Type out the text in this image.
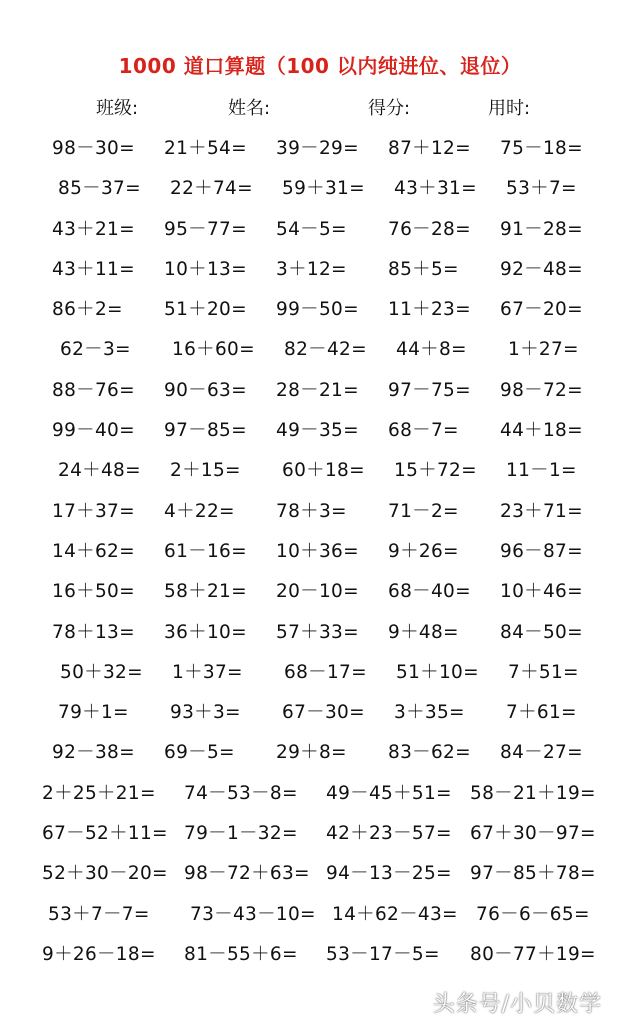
1000 道口算题（100 以内纯进位、退位）
班级:	姓名:	得分:	用时:
98－30= 21＋54= 39－29= 87＋12= 75－18=
85－37= 22＋74= 59＋31= 43＋31= 53＋7=
43＋21= 95－77= 54－5= 76－28= 91－28=
43＋11= 10＋13= 3＋12= 85＋5= 92－48=
86＋2= 51＋20= 99－50= 11＋23= 67－20=
62－3= 16＋60= 82－42= 44＋8= 1＋27=
88－76= 90－63= 28－21= 97－75= 98－72=
99－40= 97－85= 49－35= 68－7= 44＋18=
24＋48= 2＋15= 60＋18= 15＋72= 11－1=
17＋37= 4＋22= 78＋3= 71－2= 23＋71=
14＋62= 61－16= 10＋36= 9＋26= 96－87=
16＋50= 58＋21= 20－10= 68－40= 10＋46=
78＋13= 36＋10= 57＋33= 9＋48= 84－50=
50＋32= 1＋37= 68－17= 51＋10= 7＋51=
79＋1= 93＋3= 67－30= 3＋35= 7＋61=
92－38= 69－5= 29＋8= 83－62= 84－27=
2＋25＋21= 74－53－8= 49－45＋51= 58－21＋19=
67－52＋11= 79－1－32= 42＋23－57= 67＋30－97=
52＋30－20= 98－72＋63= 94－13－25= 97－85＋78=
53＋7－7= 73－43－10= 14＋62－43= 76－6－65=
9＋26－18= 81－55＋6= 53－17－5= 80－77＋19=
头条号/小贝数学
